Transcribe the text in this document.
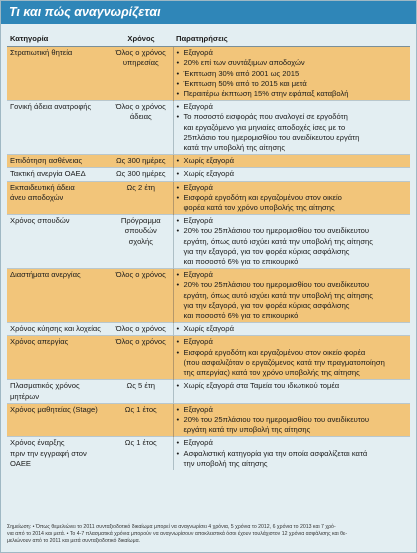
Τι και πώς αναγνωρίζεται
Κατηγορία	Χρόνος	Παρατηρήσεις

Στρατιωτική θητεία	Όλος ο χρόνος
υπηρεσίας	• Εξαγορά
• 20% επί των συντάξιμων αποδοχών
• Έκπτωση 30% από 2001 ως 2015
• Έκπτωση 50% από το 2015 και μετά
• Περαιτέρω έκπτωση 15% στην εφάπαξ καταβολή

Γονική άδεια ανατροφής	Όλος ο χρόνος
άδειας	• Εξαγορά
• Το ποσοστό εισφοράς που αναλογεί σε εργοδότη
και εργαζόμενο για μηνιαίες αποδοχές ίσες με το
25πλάσιο του ημερομισθίου του ανειδίκευτου εργάτη
κατά την υποβολή της αίτησης

Επιδότηση ασθένειας	Ως 300 ημέρες	• Χωρίς εξαγορά

Τακτική ανεργία ΟΑΕΔ	Ως 300 ημέρες	• Χωρίς εξαγορά

Εκπαιδευτική άδεια
άνευ αποδοχών	Ως 2 έτη	• Εξαγορά
• Εισφορά εργοδότη και εργαζομένου στον οικείο
φορέα κατά τον χρόνο υποβολής της αίτησης

Χρόνος σπουδών	Πρόγραμμα
σπουδών σχολής	• Εξαγορά
• 20% του 25πλάσιου του ημερομισθίου του ανειδίκευτου
εργάτη, όπως αυτό ισχύει κατά την υποβολή της αίτησης
για την εξαγορά, για τον φορέα κύριας ασφάλισης
και ποσοστό 6% για το επικουρικό

Διαστήματα ανεργίας	Όλος ο χρόνος	• Εξαγορά
• 20% του 25πλάσιου του ημερομισθίου του ανειδίκευτου
εργάτη, όπως αυτό ισχύει κατά την υποβολή της αίτησης
για την εξαγορά, για τον φορέα κύριας ασφάλισης
και ποσοστό 6% για το επικουρικό

Χρόνος κύησης και λοχείας	Όλος ο χρόνος	• Χωρίς εξαγορά

Χρόνος απεργίας	Όλος ο χρόνος	• Εξαγορά
• Εισφορά εργοδότη και εργαζομένου στον οικείο φορέα
(που ασφαλιζόταν ο εργαζόμενος κατά την πραγματοποίηση
της απεργίας) κατά τον χρόνο υποβολής της αίτησης

Πλασματικός χρόνος μητέρων	Ως 5 έτη	• Χωρίς εξαγορά στα Ταμεία του ιδιωτικού τομέα

Χρόνος μαθητείας (Stage)	Ως 1 έτος	• Εξαγορά
• 20% του 25πλάσιου του ημερομισθίου του ανειδίκευτου
εργάτη κατά την υποβολή της αίτησης

Χρόνος έναρξης
πριν την εγγραφή στον ΟΑΕΕ	Ως 1 έτος	• Εξαγορά
• Ασφαλιστική κατηγορία για την οποία ασφαλίζεται κατά
την υποβολή της αίτησης
Σημείωση: • Όπως θεμελιώνει το 2011 συνταξιοδοτικό δικαίωμα μπορεί να αναγνωρίσει 4 χρόνια, 5 χρόνια το 2012, 6 χρόνια το 2013 και 7 χρό-
νια από το 2014 και μετά. • Το 4-7 πλασματικά χρόνια μπορούν να αναγνωρίσουν αποκλειστικά όσοι έχουν τουλάχιστον 12 χρόνια ασφάλισης και θε-
μελιώνουν από το 2011 και μετά συνταξιοδοτικό δικαίωμα.
